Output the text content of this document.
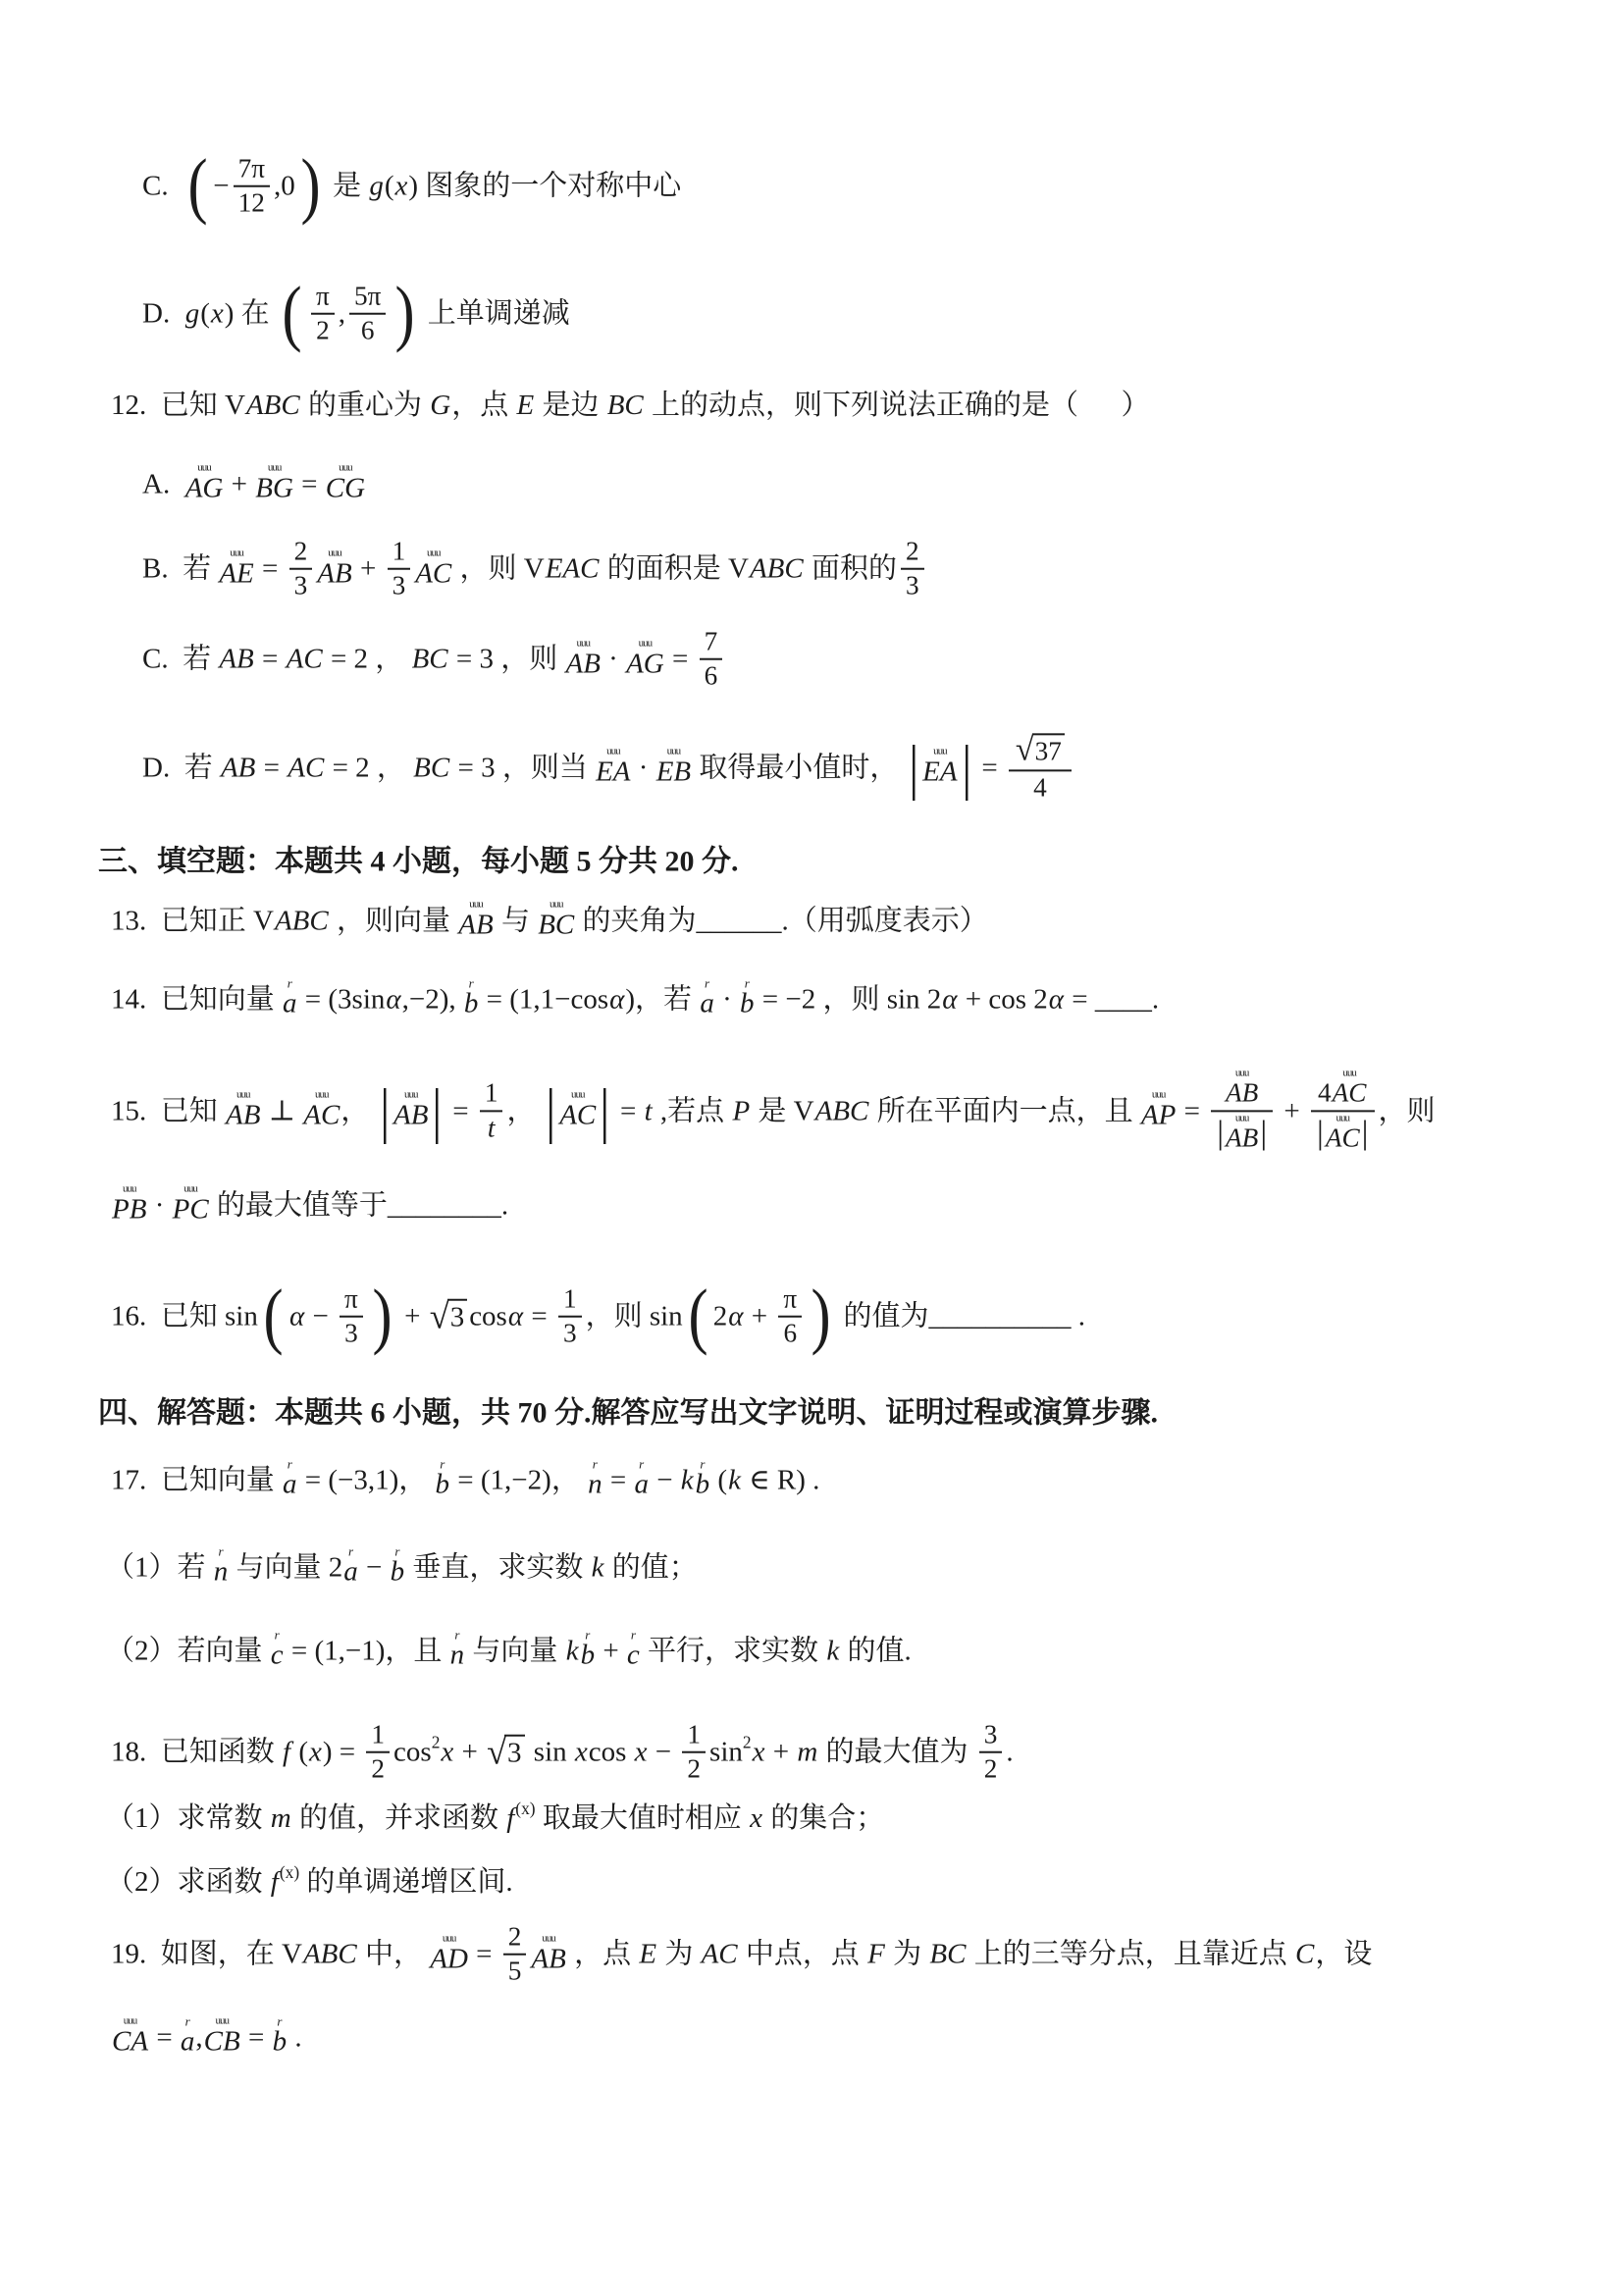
C. ( − $\frac{7\pi}{12} ,0$ ) 是 g ( x ) 图象的一个对称中心
D. g ( x ) 在 ( $\frac{\pi}{2}$ , $\frac{5\pi}{6}$ ) 上单调递减
12.  已知 V ABC 的重心为 G ，点 E 是边 BC 上的动点，则下列说法正确的是（      ）
A.
uuu
AG +
uuu
BG =
uuu
CG
B.  若
uuu
AE = $\frac{2}{3}$ uuu
AB + $\frac{1}{3}$ uuu
AC ，则 V EAC 的面积是 V ABC 面积的 $\frac{2}{3}$
C.  若 AB = AC = 2 ， BC = 3 ，则
uuu
AB ·
uuu
AG = $\frac{7}{6}$
D.  若 AB = AC = 2 ， BC = 3 ，则当
uuu
EA ·
uuu
EB 取得最小值时， | uuu
EA | = $\frac{√ 37}{4}$
三、填空题：本题共 4 小题，每小题 5 分共 20 分.
13.  已知正 V ABC ，则向量
uuu
AB 与
uuu
BC 的夹角为______.（用弧度表示）
14.  已知向量
r
a = (3sin α ,−2),
r
b = (1,1−cos α )，若
r
a ·
r
b = −2 ，则 sin 2 α + cos 2 α = ____.
15.  已知
uuu
AB ⊥
uuu
AC ， | uuu
AB | = $\frac{1}{t}$ ， | uuu
AC | = t ,若点 P 是 V ABC 所在平面内一点，且
uuu
AP = uuu
AB
| uuu
AB | + 4
uuu
AC
| uuu
AC | ，则
uuu
PB ·
uuu
PC 的最大值等于________.
16.  已知 sin ( $\alpha - \frac{\pi}{3}$ ) + √ 3 $\cos \alpha = \frac{1}{3}$ ，则 sin ( 2 $\alpha + \frac{\pi}{6}$ ) 的值为__________ .
四、解答题：本题共 6 小题，共 70 分.解答应写出文字说明、证明过程或演算步骤.
17.  已知向量
r
a = (−3,1)，
r
b = (1,−2)，
r
n =
r
a − k
r
b ( k ∈ R) .
（1）若
r
n 与向量 2
r
a −
r
b 垂直，求实数 k 的值；
（2）若向量
r
c = (1,−1)，且
r
n 与向量 k
r
b +
r
c 平行，求实数 k 的值.
18.  已知函数 f ( x ) = $\frac{1}{2}$ cos 2 x + √ 3 sin x $\cos x - \frac{1}{2}$ sin 2 x + m 的最大值为 $\frac{3}{2}$ .
（1）求常数 m 的值，并求函数 f (x) 取最大值时相应 x 的集合；
（2）求函数 f (x) 的单调递增区间.
19.  如图，在 V ABC 中，
uuu
AD = $\frac{2}{5}$ uuu
AB ，点 E 为 AC 中点，点 F 为 BC 上的三等分点，且靠近点 C ，设
uuu
CA =
r
a ,
uuu
CB =
r
b .
